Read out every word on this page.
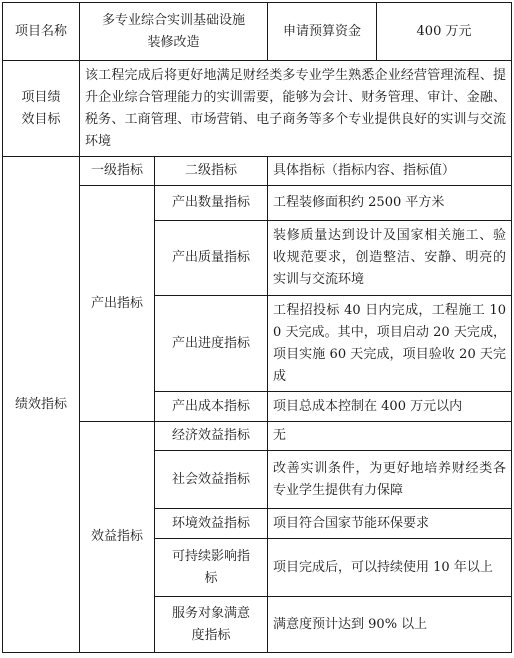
项目名称	多专业综合实训基础设施装修改造		申请预算资金	400 万元
项目绩效目标	该工程完成后将更好地满足财经类多专业学生熟悉企业经营管理流程、提升企业综合管理能力的实训需要，能够为会计、财务管理、审计、金融、税务、工商管理、市场营销、电子商务等多个专业提供良好的实训与交流环境			
绩效指标	一级指标	二级指标	具体指标（指标内容、指标值）	
	产出指标	产出数量指标	工程装修面积约 2500 平方米	
		产出质量指标	装修质量达到设计及国家相关施工、验收规范要求，创造整洁、安静、明亮的实训与交流环境	
		产出进度指标	工程招投标 40 日内完成，工程施工 100 天完成。其中，项目启动 20 天完成，项目实施 60 天完成，项目验收 20 天完成	
		产出成本指标	项目总成本控制在 400 万元以内	
	效益指标	经济效益指标	无	
		社会效益指标	改善实训条件，为更好地培养财经类各专业学生提供有力保障	
		环境效益指标	项目符合国家节能环保要求	
		可持续影响指标	项目完成后，可以持续使用 10 年以上	
		服务对象满意度指标	满意度预计达到 90% 以上	
